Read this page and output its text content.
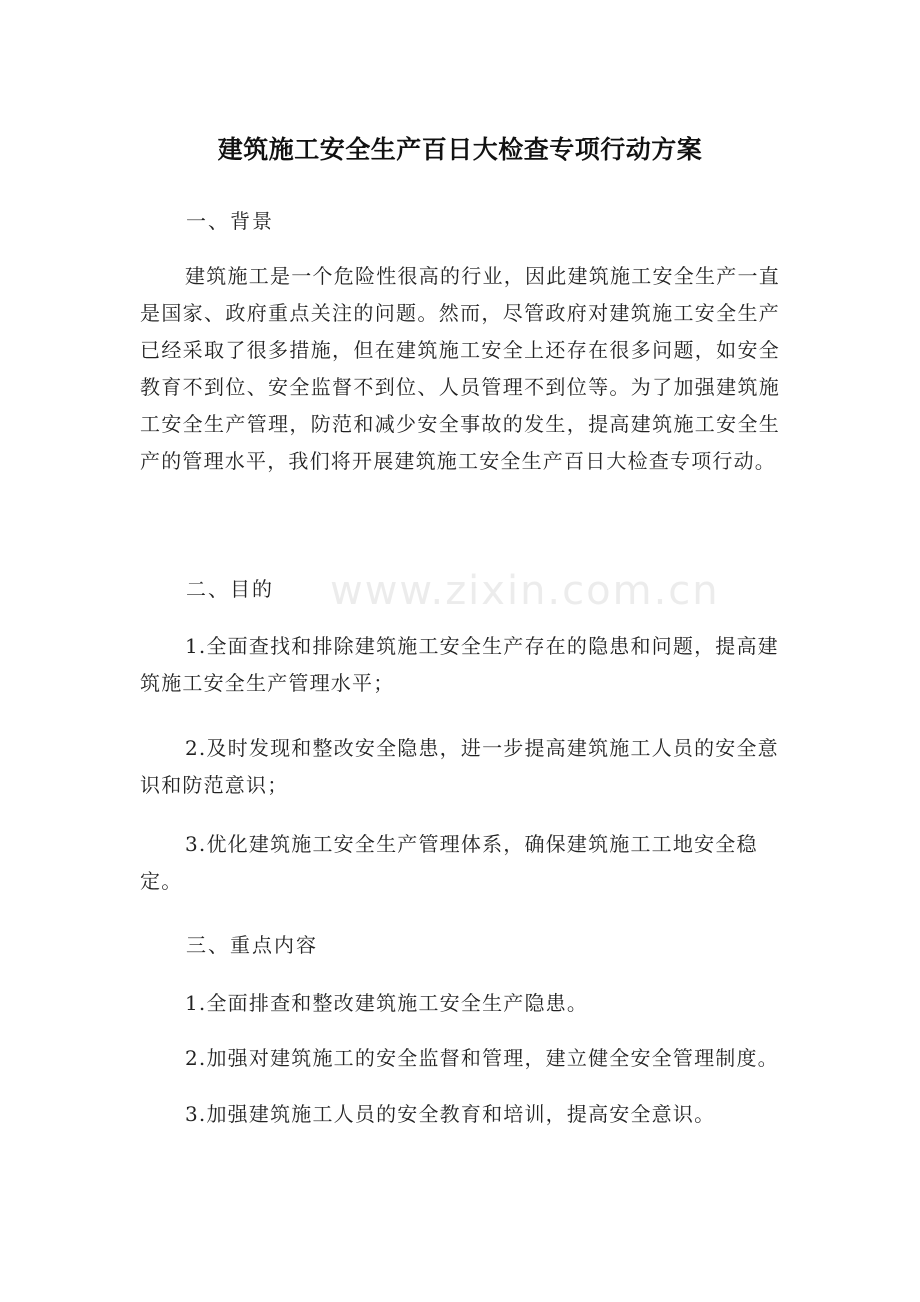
www.zixin.com.cn
建筑施工安全生产百日大检查专项行动方案
一、背景

建筑施工是一个危险性很高的行业，因此建筑施工安全生产一直是国家、政府重点关注的问题。然而，尽管政府对建筑施工安全生产已经采取了很多措施，但在建筑施工安全上还存在很多问题，如安全教育不到位、安全监督不到位、人员管理不到位等。为了加强建筑施工安全生产管理，防范和减少安全事故的发生，提高建筑施工安全生产的管理水平，我们将开展建筑施工安全生产百日大检查专项行动。

二、目的

1.全面查找和排除建筑施工安全生产存在的隐患和问题，提高建筑施工安全生产管理水平；

2.及时发现和整改安全隐患，进一步提高建筑施工人员的安全意识和防范意识；

3.优化建筑施工安全生产管理体系，确保建筑施工工地安全稳定。

三、重点内容

1.全面排查和整改建筑施工安全生产隐患。

2.加强对建筑施工的安全监督和管理，建立健全安全管理制度。

3.加强建筑施工人员的安全教育和培训，提高安全意识。
